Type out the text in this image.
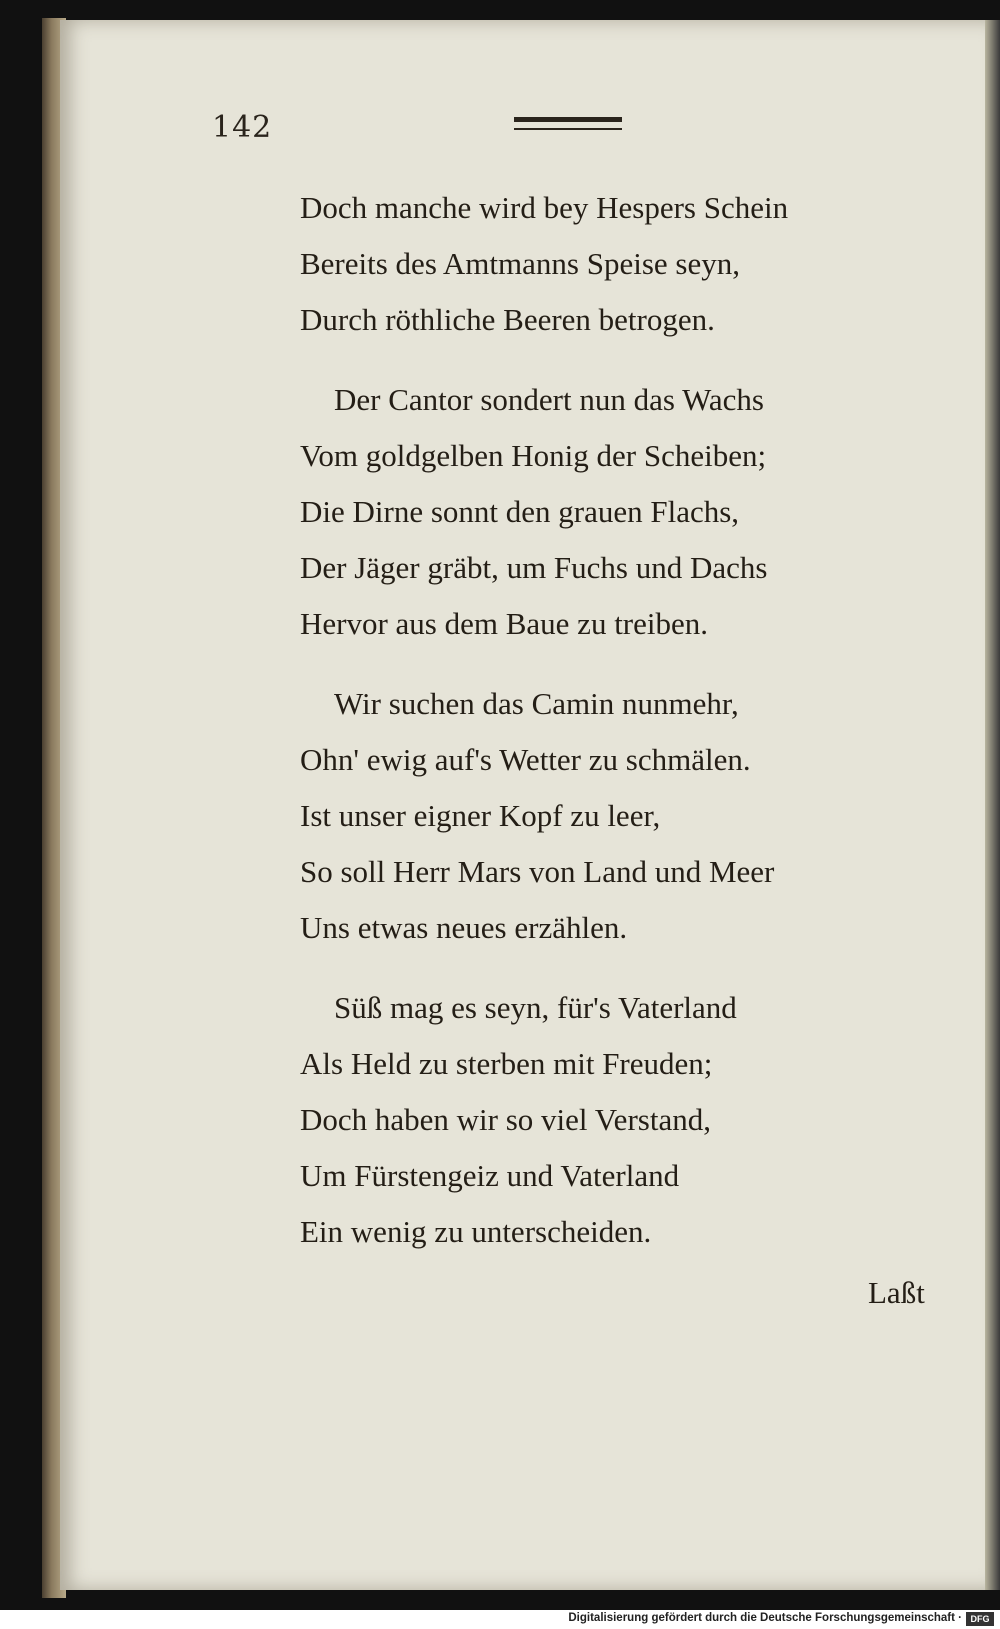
142
Doch manche wird bey Hespers Schein
Bereits des Amtmanns Speise seyn,
Durch röthliche Beeren betrogen.
Der Cantor sondert nun das Wachs
Vom goldgelben Honig der Scheiben;
Die Dirne sonnt den grauen Flachs,
Der Jäger gräbt, um Fuchs und Dachs
Hervor aus dem Baue zu treiben.
Wir suchen das Camin nunmehr,
Ohn' ewig auf's Wetter zu schmälen.
Ist unser eigner Kopf zu leer,
So soll Herr Mars von Land und Meer
Uns etwas neues erzählen.
Süß mag es seyn, für's Vaterland
Als Held zu sterben mit Freuden;
Doch haben wir so viel Verstand,
Um Fürstengeiz und Vaterland
Ein wenig zu unterscheiden.
Laßt
Digitalisierung gefördert durch die Deutsche Forschungsgemeinschaft · DFG
